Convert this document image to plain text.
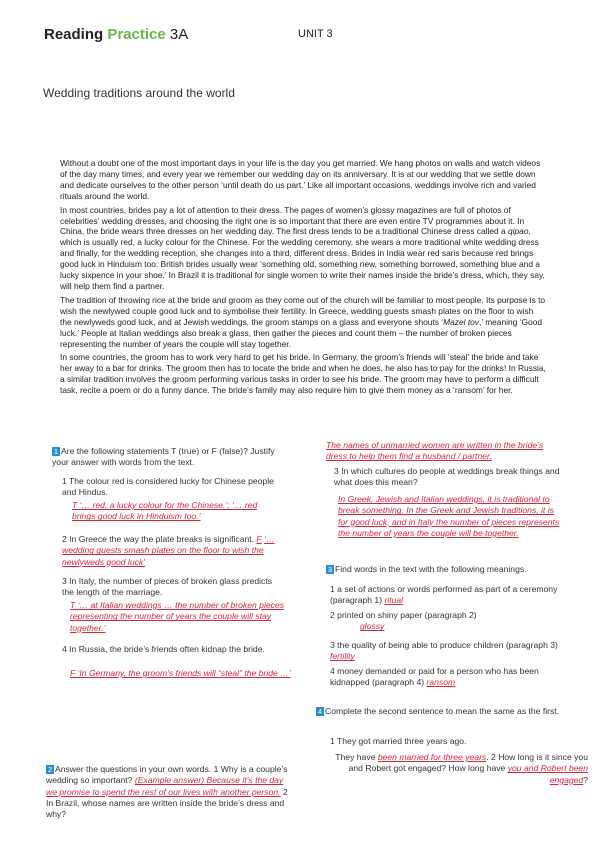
Reading Practice 3A	UNIT 3
Wedding traditions around the world

Without a doubt one of the most important days in your life is the day you get married. We hang photos on walls and watch videos of the day many times, and every year we remember our wedding day on its anniversary. It is at our wedding that we settle down and dedicate ourselves to the other person ‘until death do us part.’ Like all important occasions, weddings involve rich and varied rituals around the world.

In most countries, brides pay a lot of attention to their dress. The pages of women’s glossy magazines are full of photos of celebrities’ wedding dresses, and choosing the right one is so important that there are even entire TV programmes about it. In China, the bride wears three dresses on her wedding day. The first dress tends to be a traditional Chinese dress called a qipao, which is usually red, a lucky colour for the Chinese. For the wedding ceremony, she wears a more traditional white wedding dress and finally, for the wedding reception, she changes into a third, different dress. Brides in India wear red saris because red brings good luck in Hinduism too. British brides usually wear ‘something old, something new, something borrowed, something blue and a lucky sixpence in your shoe.’ In Brazil it is traditional for single women to write their names inside the bride’s dress, which, they say, will help them find a partner.

The tradition of throwing rice at the bride and groom as they come out of the church will be familiar to most people. Its purpose is to wish the newlywed couple good luck and to symbolise their fertility. In Greece, wedding guests smash plates on the floor to wish the newlyweds good luck, and at Jewish weddings, the groom stamps on a glass and everyone shouts ‘Mazel tov,’ meaning ‘Good luck.’ People at Italian weddings also break a glass, then gather the pieces and count them – the number of broken pieces representing the number of years the couple will stay together.

In some countries, the groom has to work very hard to get his bride. In Germany, the groom’s friends will ‘steal’ the bride and take her away to a bar for drinks. The groom then has to locate the bride and when he does, he also has to pay for the drinks! In Russia, a similar tradition involves the groom performing various tasks in order to see his bride. The groom may have to perform a difficult task, recite a poem or do a funny dance. The bride’s family may also require him to give them money as a ‘ransom’ for her.

1 Are the following statements T (true) or F (false)? Justify your answer with words from the text.
1 The colour red is considered lucky for Chinese people and Hindus.
T ‘… red, a lucky colour for the Chinese.’; ‘… red brings good luck in Hinduism too.’
2 In Greece the way the plate breaks is significant. F ‘… wedding guests smash plates on the floor to wish the newlyweds good luck’
3 In Italy, the number of pieces of broken glass predicts the length of the marriage.
T ‘… at Italian weddings … the number of broken pieces representing the number of years the couple will stay together.’
4 In Russia, the bride’s friends often kidnap the bride.
F ‘In Germany, the groom’s friends will “steal” the bride …’
2 Answer the questions in your own words. 1 Why is a couple’s wedding so important? (Example answer) Because it’s the day we promise to spend the rest of our lives with another person. 2 In Brazil, whose names are written inside the bride’s dress and why?
The names of unmarried women are written in the bride’s dress to help them find a husband / partner.
3 In which cultures do people at weddings break things and what does this mean?
In Greek, Jewish and Italian weddings, it is traditional to break something. In the Greek and Jewish traditions, it is for good luck, and in Italy the number of pieces represents the number of years the couple will be together.
3 Find words in the text with the following meanings.
1 a set of actions or words performed as part of a ceremony (paragraph 1) ritual
2 printed on shiny paper (paragraph 2)
glossy
3 the quality of being able to produce children (paragraph 3) fertility
4 money demanded or paid for a person who has been kidnapped (paragraph 4) ransom
4 Complete the second sentence to mean the same as the first.
1 They got married three years ago.
They have been married for three years. 2 How long is it since you and Robert got engaged? How long have you and Robert been engaged?
